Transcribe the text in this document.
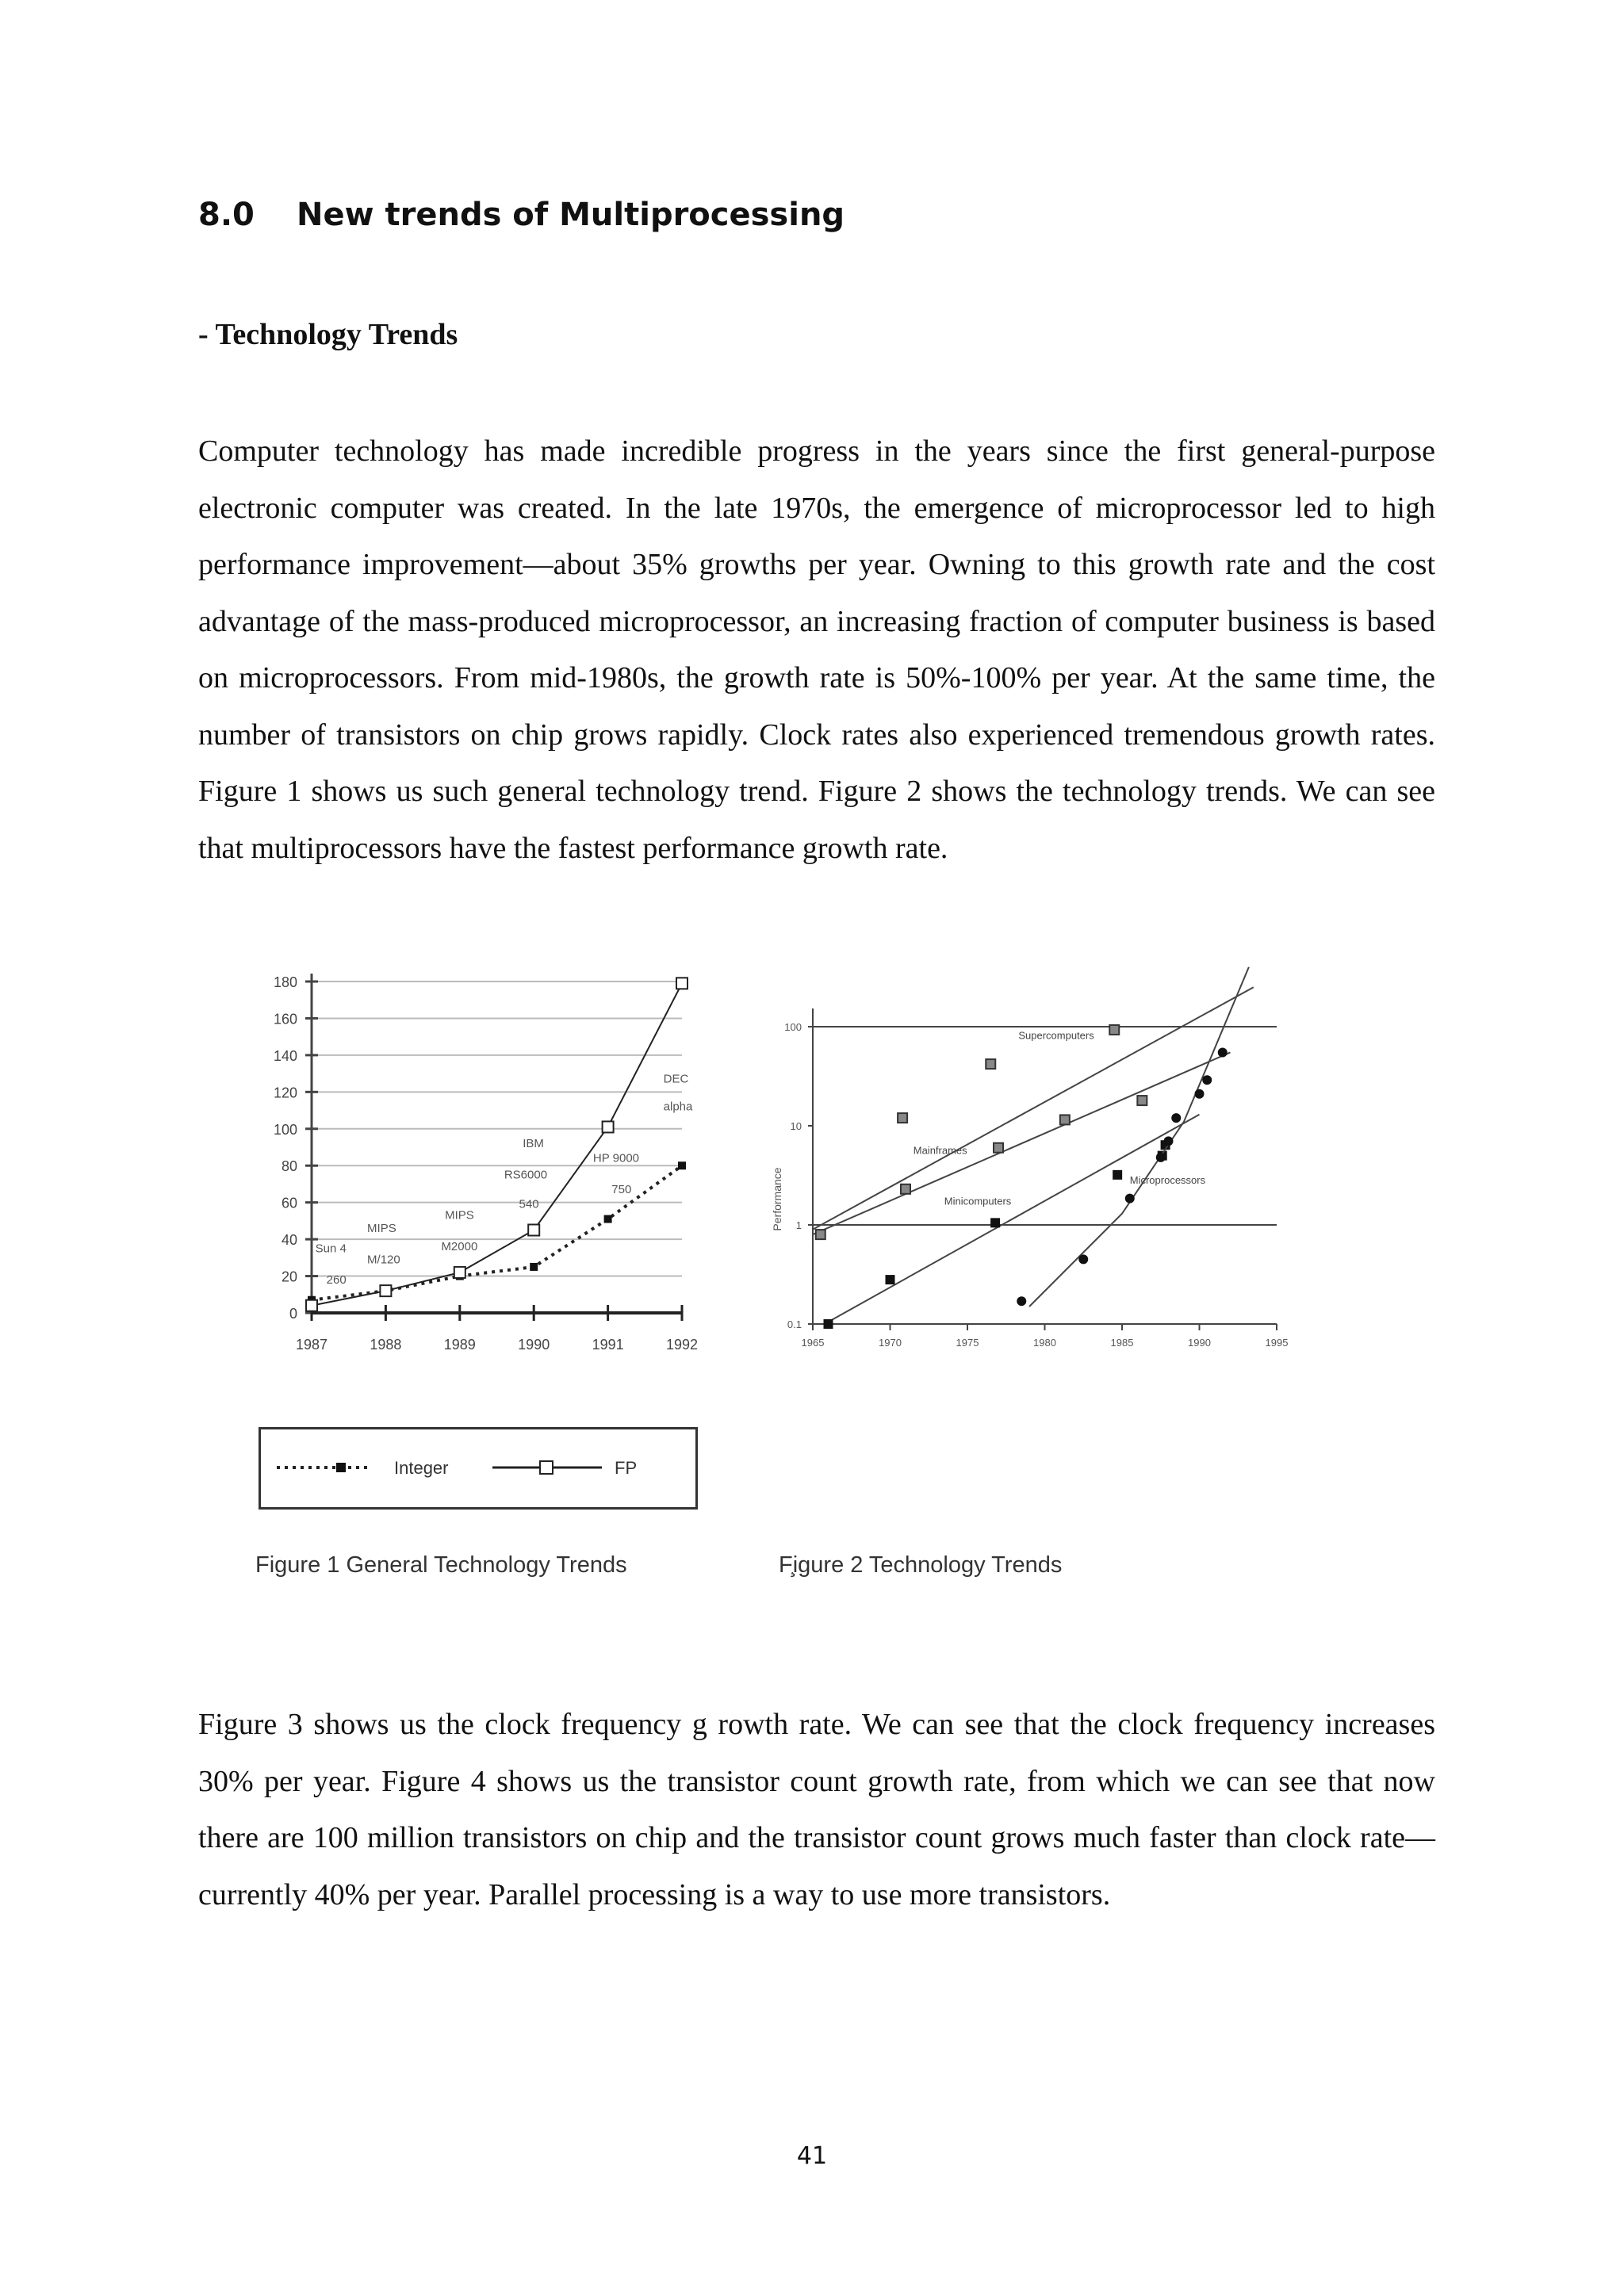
8.0 New trends of Multiprocessing
- Technology Trends

Computer technology has made incredible progress in the years since the first general-purpose electronic computer was created. In the late 1970s, the emergence of microprocessor led to high performance improvement—about 35% growths per year. Owning to this growth rate and the cost advantage of the mass-produced microprocessor, an increasing fraction of computer business is based on microprocessors. From mid-1980s, the growth rate is 50%-100% per year. At the same time, the number of transistors on chip grows rapidly. Clock rates also experienced tremendous growth rates. Figure 1 shows us such general technology trend. Figure 2 shows the technology trends. We can see that multiprocessors have the fastest performance growth rate.

0
20
40
60
80
100
120
140
160
180
1987	1988	1989	1990	1991	1992
Sun 4
260
MIPS
M/120
MIPS
M2000
IBM
RS6000
540
HP 9000
750
DEC
alpha
Integer	FP
0.1
1
10
100
1965	1970	1975	1980	1985	1990	1995
Performance
Supercomputers
Mainframes
Minicomputers
Microprocessors
Figure 1 General Technology Trends	F̧igure 2 Technology Trends

Figure 3 shows us the clock frequency g rowth rate. We can see that the clock frequency increases 30% per year. Figure 4 shows us the transistor count growth rate, from which we can see that now there are 100 million transistors on chip and the transistor count grows much faster than clock rate—currently 40% per year. Parallel processing is a way to use more transistors.

41
